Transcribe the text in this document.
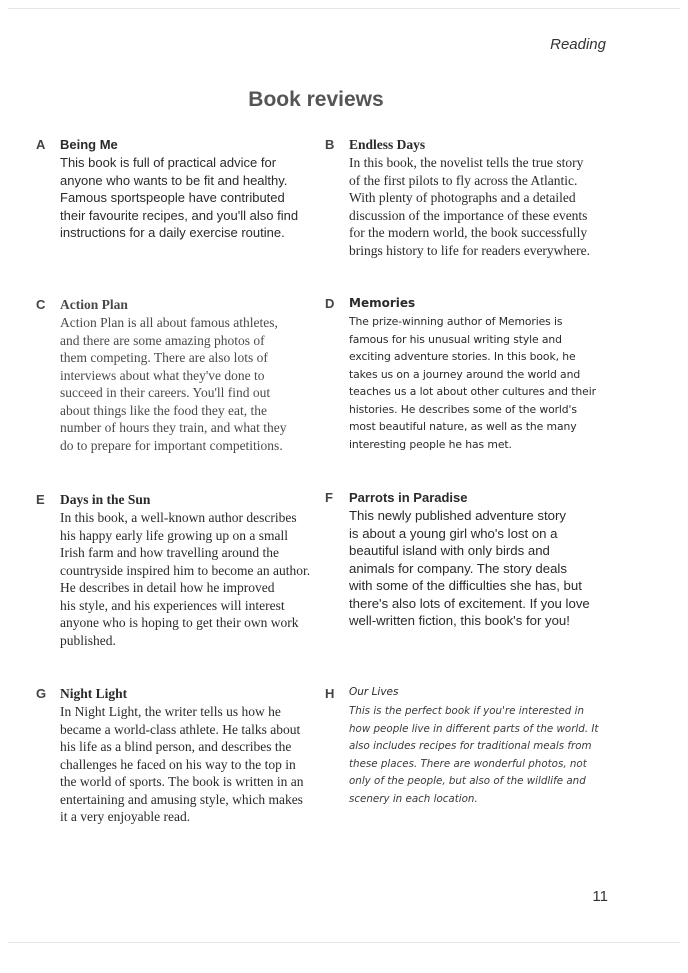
Reading
Book reviews
A Being Me
This book is full of practical advice for
anyone who wants to be fit and healthy.
Famous sportspeople have contributed
their favourite recipes, and you'll also find
instructions for a daily exercise routine.
B Endless Days
In this book, the novelist tells the true story
of the first pilots to fly across the Atlantic.
With plenty of photographs and a detailed
discussion of the importance of these events
for the modern world, the book successfully
brings history to life for readers everywhere.
C Action Plan
Action Plan is all about famous athletes,
and there are some amazing photos of
them competing. There are also lots of
interviews about what they've done to
succeed in their careers. You'll find out
about things like the food they eat, the
number of hours they train, and what they
do to prepare for important competitions.
D Memories
The prize-winning author of Memories is
famous for his unusual writing style and
exciting adventure stories. In this book, he
takes us on a journey around the world and
teaches us a lot about other cultures and their
histories. He describes some of the world's
most beautiful nature, as well as the many
interesting people he has met.
E Days in the Sun
In this book, a well-known author describes
his happy early life growing up on a small
Irish farm and how travelling around the
countryside inspired him to become an author.
He describes in detail how he improved
his style, and his experiences will interest
anyone who is hoping to get their own work
published.
F Parrots in Paradise
This newly published adventure story
is about a young girl who's lost on a
beautiful island with only birds and
animals for company. The story deals
with some of the difficulties she has, but
there's also lots of excitement. If you love
well-written fiction, this book's for you!
G Night Light
In Night Light, the writer tells us how he
became a world-class athlete. He talks about
his life as a blind person, and describes the
challenges he faced on his way to the top in
the world of sports. The book is written in an
entertaining and amusing style, which makes
it a very enjoyable read.
H Our Lives
This is the perfect book if you're interested in
how people live in different parts of the world. It
also includes recipes for traditional meals from
these places. There are wonderful photos, not
only of the people, but also of the wildlife and
scenery in each location.
11
